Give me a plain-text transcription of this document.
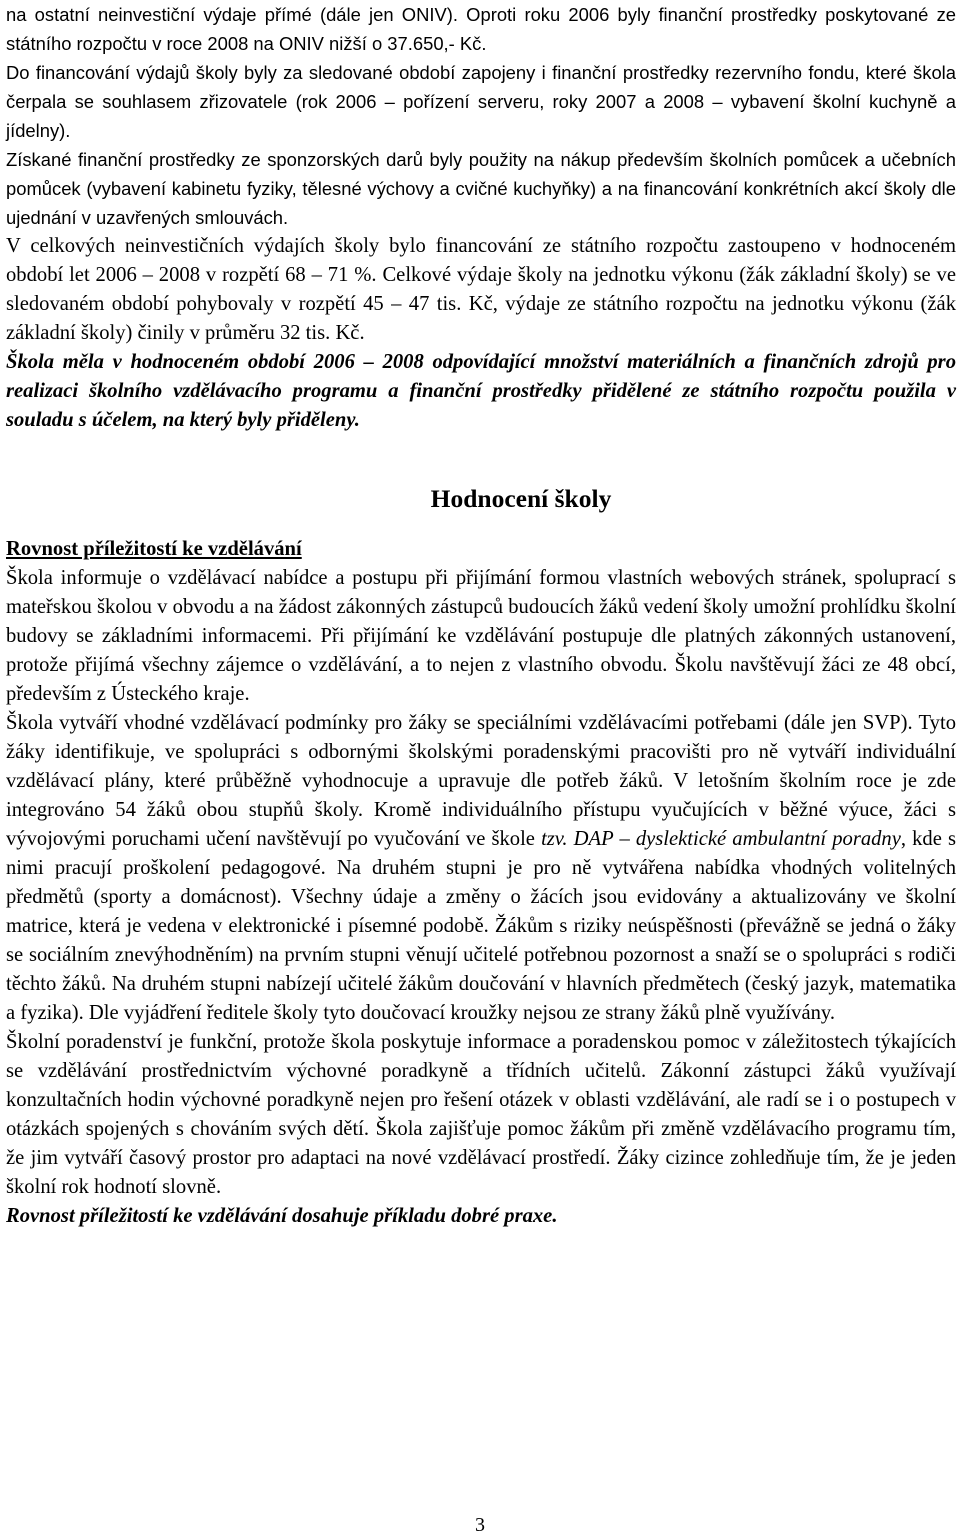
na ostatní neinvestiční výdaje přímé (dále jen ONIV). Oproti roku 2006 byly finanční prostředky poskytované ze státního rozpočtu v roce 2008 na ONIV nižší o 37.650,- Kč.

Do financování výdajů školy byly za sledované období zapojeny i finanční prostředky rezervního fondu, které škola čerpala se souhlasem zřizovatele (rok 2006 – pořízení serveru, roky 2007 a 2008 – vybavení školní kuchyně a jídelny).

Získané finanční prostředky ze sponzorských darů byly použity na nákup především školních pomůcek a učebních pomůcek (vybavení kabinetu fyziky, tělesné výchovy a cvičné kuchyňky) a na financování konkrétních akcí školy dle ujednání v uzavřených smlouvách.

V celkových neinvestičních výdajích školy bylo financování ze státního rozpočtu zastoupeno v hodnoceném období let 2006 – 2008 v rozpětí 68 – 71 %. Celkové výdaje školy na jednotku výkonu (žák základní školy) se ve sledovaném období pohybovaly v rozpětí 45 – 47 tis. Kč, výdaje ze státního rozpočtu na jednotku výkonu (žák základní školy) činily v průměru 32 tis. Kč.

Škola měla v hodnoceném období 2006 – 2008 odpovídající množství materiálních a finančních zdrojů pro realizaci školního vzdělávacího programu a finanční prostředky přidělené ze státního rozpočtu použila v souladu s účelem, na který byly přiděleny.

Hodnocení školy
Rovnost příležitostí ke vzdělávání

Škola informuje o vzdělávací nabídce a postupu při přijímání formou vlastních webových stránek, spoluprací s mateřskou školou v obvodu a na žádost zákonných zástupců budoucích žáků vedení školy umožní prohlídku školní budovy se základními informacemi. Při přijímání ke vzdělávání postupuje dle platných zákonných ustanovení, protože přijímá všechny zájemce o vzdělávání, a to nejen z vlastního obvodu. Školu navštěvují žáci ze 48 obcí, především z Ústeckého kraje.

Škola vytváří vhodné vzdělávací podmínky pro žáky se speciálními vzdělávacími potřebami (dále jen SVP). Tyto žáky identifikuje, ve spolupráci s odbornými školskými poradenskými pracovišti pro ně vytváří individuální vzdělávací plány, které průběžně vyhodnocuje a upravuje dle potřeb žáků. V letošním školním roce je zde integrováno 54 žáků obou stupňů školy. Kromě individuálního přístupu vyučujících v běžné výuce, žáci s vývojovými poruchami učení navštěvují po vyučování ve škole tzv. DAP – dyslektické ambulantní poradny, kde s nimi pracují proškolení pedagogové. Na druhém stupni je pro ně vytvářena nabídka vhodných volitelných předmětů (sporty a domácnost). Všechny údaje a změny o žácích jsou evidovány a aktualizovány ve školní matrice, která je vedena v elektronické i písemné podobě. Žákům s riziky neúspěšnosti (převážně se jedná o žáky se sociálním znevýhodněním) na prvním stupni věnují učitelé potřebnou pozornost a snaží se o spolupráci s rodiči těchto žáků. Na druhém stupni nabízejí učitelé žákům doučování v hlavních předmětech (český jazyk, matematika a fyzika). Dle vyjádření ředitele školy tyto doučovací kroužky nejsou ze strany žáků plně využívány.

Školní poradenství je funkční, protože škola poskytuje informace a poradenskou pomoc v záležitostech týkajících se vzdělávání prostřednictvím výchovné poradkyně a třídních učitelů. Zákonní zástupci žáků využívají konzultačních hodin výchovné poradkyně nejen pro řešení otázek v oblasti vzdělávání, ale radí se i o postupech v otázkách spojených s chováním svých dětí. Škola zajišťuje pomoc žákům při změně vzdělávacího programu tím, že jim vytváří časový prostor pro adaptaci na nové vzdělávací prostředí. Žáky cizince zohledňuje tím, že je jeden školní rok hodnotí slovně.

Rovnost příležitostí ke vzdělávání dosahuje příkladu dobré praxe.

3
